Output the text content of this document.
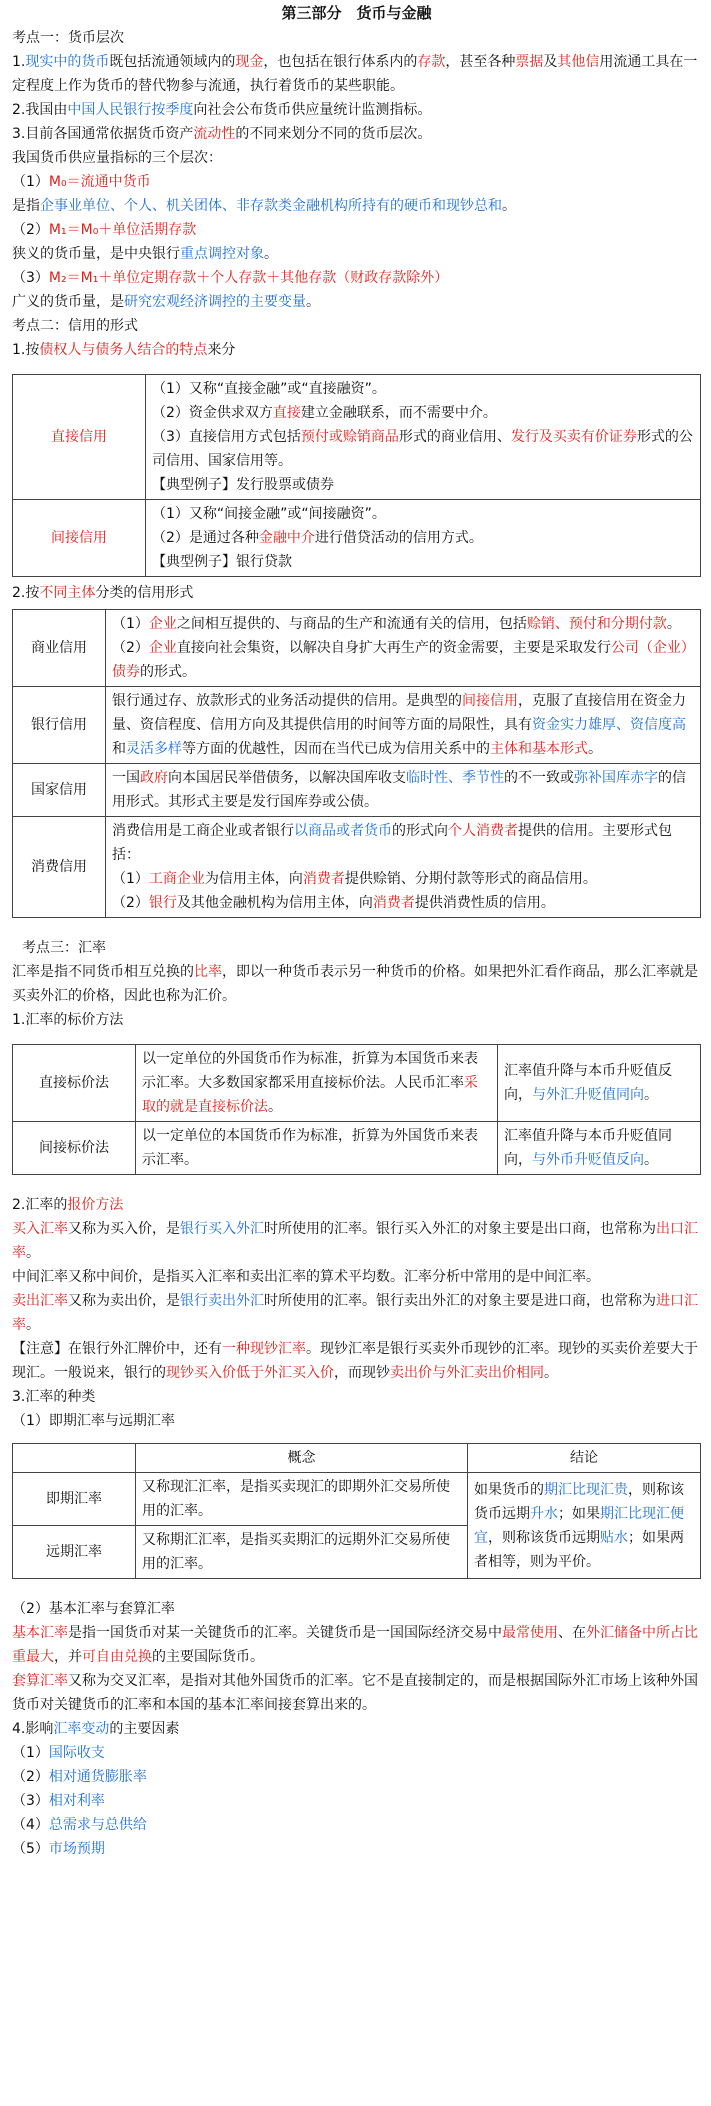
第三部分　货币与金融

考点一：货币层次

1.现实中的货币既包括流通领域内的现金，也包括在银行体系内的存款，甚至各种票据及其他信用流通工具在一定程度上作为货币的替代物参与流通，执行着货币的某些职能。

2.我国由中国人民银行按季度向社会公布货币供应量统计监测指标。

3.目前各国通常依据货币资产流动性的不同来划分不同的货币层次。

我国货币供应量指标的三个层次：

（1）M₀＝流通中货币

是指企事业单位、个人、机关团体、非存款类金融机构所持有的硬币和现钞总和。

（2）M₁＝M₀＋单位活期存款

狭义的货币量，是中央银行重点调控对象。

（3）M₂＝M₁＋单位定期存款＋个人存款＋其他存款（财政存款除外）

广义的货币量，是研究宏观经济调控的主要变量。

考点二：信用的形式

1.按债权人与债务人结合的特点来分

直接信用	（1）又称“直接金融”或“直接融资”。
（2）资金供求双方直接建立金融联系，而不需要中介。
（3）直接信用方式包括预付或赊销商品形式的商业信用、发行及买卖有价证券形式的公司信用、国家信用等。
【典型例子】发行股票或债券

间接信用	（1）又称“间接金融”或“间接融资”。
（2）是通过各种金融中介进行借贷活动的信用方式。
【典型例子】银行贷款

2.按不同主体分类的信用形式

商业信用	（1）企业之间相互提供的、与商品的生产和流通有关的信用，包括赊销、预付和分期付款。
（2）企业直接向社会集资，以解决自身扩大再生产的资金需要，主要是采取发行公司（企业）债券的形式。

银行信用	银行通过存、放款形式的业务活动提供的信用。是典型的间接信用，克服了直接信用在资金力量、资信程度、信用方向及其提供信用的时间等方面的局限性，具有资金实力雄厚、资信度高和灵活多样等方面的优越性，因而在当代已成为信用关系中的主体和基本形式。
国家信用	一国政府向本国居民举借债务，以解决国库收支临时性、季节性的不一致或弥补国库赤字的信用形式。其形式主要是发行国库券或公债。
消费信用	消费信用是工商企业或者银行以商品或者货币的形式向个人消费者提供的信用。主要形式包括：
（1）工商企业为信用主体，向消费者提供赊销、分期付款等形式的商品信用。
（2）银行及其他金融机构为信用主体，向消费者提供消费性质的信用。

考点三：汇率

汇率是指不同货币相互兑换的比率，即以一种货币表示另一种货币的价格。如果把外汇看作商品，那么汇率就是买卖外汇的价格，因此也称为汇价。

1.汇率的标价方法

直接标价法	以一定单位的外国货币作为标准，折算为本国货币来表示汇率。大多数国家都采用直接标价法。人民币汇率采取的就是直接标价法。	汇率值升降与本币升贬值反向，与外汇升贬值同向。
间接标价法	以一定单位的本国货币作为标准，折算为外国货币来表示汇率。	汇率值升降与本币升贬值同向，与外币升贬值反向。

2.汇率的报价方法

买入汇率又称为买入价，是银行买入外汇时所使用的汇率。银行买入外汇的对象主要是出口商，也常称为出口汇率。

中间汇率又称中间价，是指买入汇率和卖出汇率的算术平均数。汇率分析中常用的是中间汇率。

卖出汇率又称为卖出价，是银行卖出外汇时所使用的汇率。银行卖出外汇的对象主要是进口商，也常称为进口汇率。

【注意】在银行外汇牌价中，还有一种现钞汇率。现钞汇率是银行买卖外币现钞的汇率。现钞的买卖价差要大于现汇。一般说来，银行的现钞买入价低于外汇买入价，而现钞卖出价与外汇卖出价相同。

3.汇率的种类

（1）即期汇率与远期汇率

	概念	结论
即期汇率	又称现汇汇率，是指买卖现汇的即期外汇交易所使用的汇率。	如果货币的期汇比现汇贵，则称该货币远期升水；如果期汇比现汇便宜，则称该货币远期贴水；如果两者相等，则为平价。
远期汇率	又称期汇汇率，是指买卖期汇的远期外汇交易所使用的汇率。	

（2）基本汇率与套算汇率

基本汇率是指一国货币对某一关键货币的汇率。关键货币是一国国际经济交易中最常使用、在外汇储备中所占比重最大，并可自由兑换的主要国际货币。

套算汇率又称为交叉汇率，是指对其他外国货币的汇率。它不是直接制定的，而是根据国际外汇市场上该种外国货币对关键货币的汇率和本国的基本汇率间接套算出来的。

4.影响汇率变动的主要因素

（1）国际收支

（2）相对通货膨胀率

（3）相对利率

（4）总需求与总供给

（5）市场预期
